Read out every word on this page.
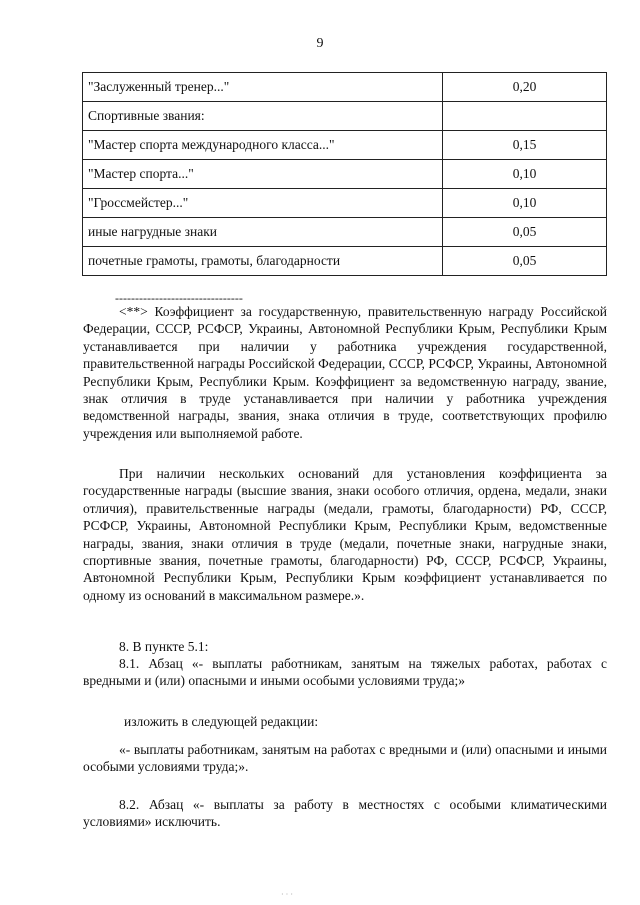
9
"Заслуженный тренер..."	0,20
Спортивные звания:	
"Мастер спорта международного класса..."	0,15
"Мастер спорта..."	0,10
"Гроссмейстер..."	0,10
иные нагрудные знаки	0,05
почетные грамоты, грамоты, благодарности	0,05
--------------------------------

<**> Коэффициент за государственную, правительственную награду Российской Федерации, СССР, РСФСР, Украины, Автономной Республики Крым, Республики Крым устанавливается при наличии у работника учреждения государственной, правительственной награды Российской Федерации, СССР, РСФСР, Украины, Автономной Республики Крым, Республики Крым. Коэффициент за ведомственную награду, звание, знак отличия в труде устанавливается при наличии у работника учреждения ведомственной награды, звания, знака отличия в труде, соответствующих профилю учреждения или выполняемой работе.

При наличии нескольких оснований для установления коэффициента за государственные награды (высшие звания, знаки особого отличия, ордена, медали, знаки отличия), правительственные награды (медали, грамоты, благодарности) РФ, СССР, РСФСР, Украины, Автономной Республики Крым, Республики Крым, ведомственные награды, звания, знаки отличия в труде (медали, почетные знаки, нагрудные знаки, спортивные звания, почетные грамоты, благодарности) РФ, СССР, РСФСР, Украины, Автономной Республики Крым, Республики Крым коэффициент устанавливается по одному из оснований в максимальном размере.».

8. В пункте 5.1:

8.1. Абзац «- выплаты работникам, занятым на тяжелых работах, работах с вредными и (или) опасными и иными особыми условиями труда;»

изложить в следующей редакции:

«- выплаты работникам, занятым на работах с вредными и (или) опасными и иными особыми условиями труда;».

8.2. Абзац «- выплаты за работу в местностях с особыми климатическими условиями» исключить.

· · ·
